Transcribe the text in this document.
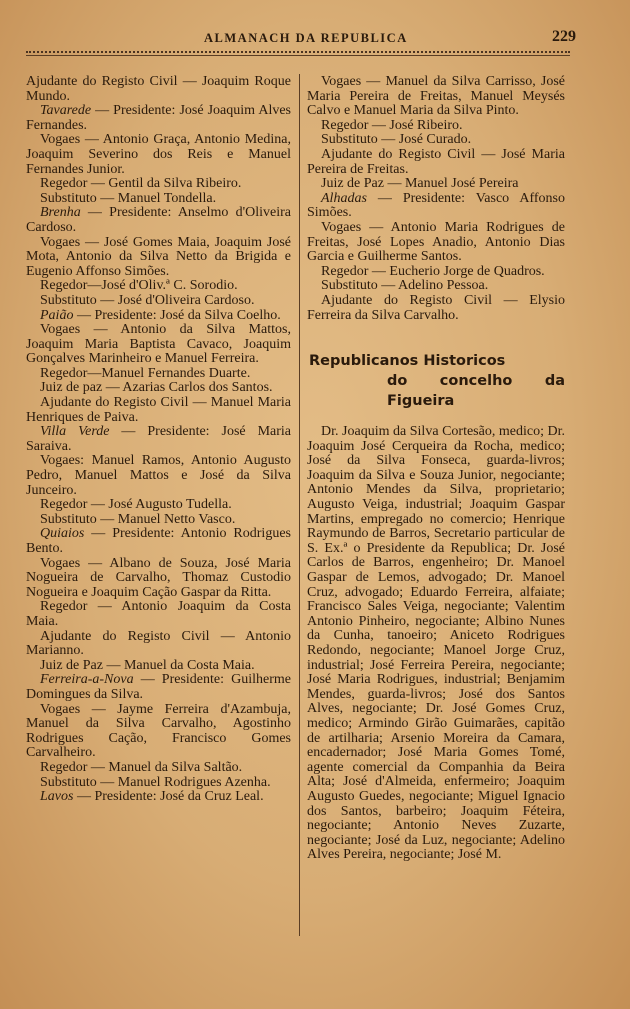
ALMANACH DA REPUBLICA	229

Ajudante do Registo Civil — Joaquim Roque Mundo.

Tavarede — Presidente: José Joaquim Alves Fernandes.

Vogaes — Antonio Graça, Antonio Medina, Joaquim Severino dos Reis e Manuel Fernandes Junior.

Regedor — Gentil da Silva Ribeiro.

Substituto — Manuel Tondella.

Brenha — Presidente: Anselmo d'Oliveira Cardoso.

Vogaes — José Gomes Maia, Joaquim José Mota, Antonio da Silva Netto da Brigida e Eugenio Affonso Simões.

Regedor—José d'Oliv.ª C. Sorodio.

Substituto — José d'Oliveira Cardoso.

Paião — Presidente: José da Silva Coelho.

Vogaes — Antonio da Silva Mattos, Joaquim Maria Baptista Cavaco, Joaquim Gonçalves Marinheiro e Manuel Ferreira.

Regedor—Manuel Fernandes Duarte.

Juiz de paz — Azarias Carlos dos Santos.

Ajudante do Registo Civil — Manuel Maria Henriques de Paiva.

Villa Verde — Presidente: José Maria Saraiva.

Vogaes: Manuel Ramos, Antonio Augusto Pedro, Manuel Mattos e José da Silva Junceiro.

Regedor — José Augusto Tudella.

Substituto — Manuel Netto Vasco.

Quiaios — Presidente: Antonio Rodrigues Bento.

Vogaes — Albano de Souza, José Maria Nogueira de Carvalho, Thomaz Custodio Nogueira e Joaquim Cação Gaspar da Ritta.

Regedor — Antonio Joaquim da Costa Maia.

Ajudante do Registo Civil — Antonio Marianno.

Juiz de Paz — Manuel da Costa Maia.

Ferreira-a-Nova — Presidente: Guilherme Domingues da Silva.

Vogaes — Jayme Ferreira d'Azambuja, Manuel da Silva Carvalho, Agostinho Rodrigues Cação, Francisco Gomes Carvalheiro.

Regedor — Manuel da Silva Saltão.

Substituto — Manuel Rodrigues Azenha.

Lavos — Presidente: José da Cruz Leal.

Vogaes — Manuel da Silva Carrisso, José Maria Pereira de Freitas, Manuel Meysés Calvo e Manuel Maria da Silva Pinto.

Regedor — José Ribeiro.

Substituto — José Curado.

Ajudante do Registo Civil — José Maria Pereira de Freitas.

Juiz de Paz — Manuel José Pereira

Alhadas — Presidente: Vasco Affonso Simões.

Vogaes — Antonio Maria Rodrigues de Freitas, José Lopes Anadio, Antonio Dias Garcia e Guilherme Santos.

Regedor — Eucherio Jorge de Quadros.

Substituto — Adelino Pessoa.

Ajudante do Registo Civil — Elysio Ferreira da Silva Carvalho.

Republicanos Historicos
do concelho da Figueira

Dr. Joaquim da Silva Cortesão, medico; Dr. Joaquim José Cerqueira da Rocha, medico; José da Silva Fonseca, guarda-livros; Joaquim da Silva e Souza Junior, negociante; Antonio Mendes da Silva, proprietario; Augusto Veiga, industrial; Joaquim Gaspar Martins, empregado no comercio; Henrique Raymundo de Barros, Secretario particular de S. Ex.ª o Presidente da Republica; Dr. José Carlos de Barros, engenheiro; Dr. Manoel Gaspar de Lemos, advogado; Dr. Manoel Cruz, advogado; Eduardo Ferreira, alfaiate; Francisco Sales Veiga, negociante; Valentim Antonio Pinheiro, negociante; Albino Nunes da Cunha, tanoeiro; Aniceto Rodrigues Redondo, negociante; Manoel Jorge Cruz, industrial; José Ferreira Pereira, negociante; José Maria Rodrigues, industrial; Benjamim Mendes, guarda-livros; José dos Santos Alves, negociante; Dr. José Gomes Cruz, medico; Armindo Girão Guimarães, capitão de artilharia; Arsenio Moreira da Camara, encadernador; José Maria Gomes Tomé, agente comercial da Companhia da Beira Alta; José d'Almeida, enfermeiro; Joaquim Augusto Guedes, negociante; Miguel Ignacio dos Santos, barbeiro; Joaquim Féteira, negociante; Antonio Neves Zuzarte, negociante; José da Luz, negociante; Adelino Alves Pereira, negociante; José M.
